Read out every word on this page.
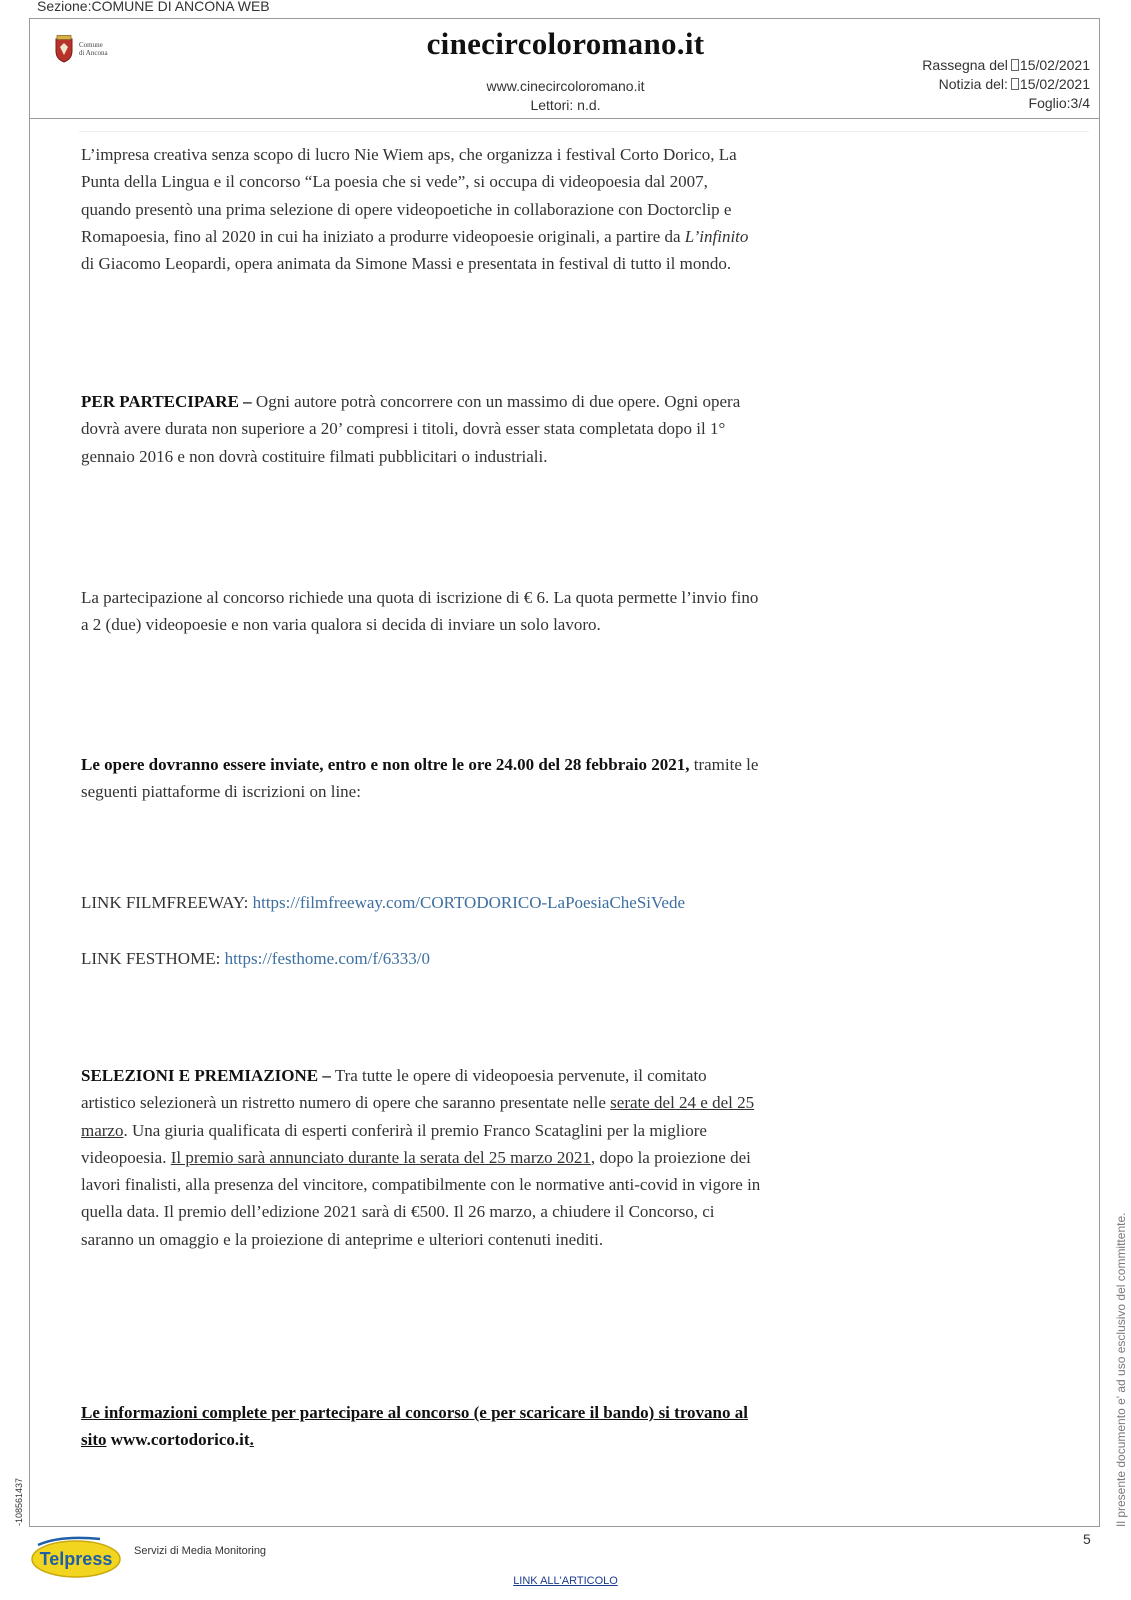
Sezione:COMUNE DI ANCONA WEB
Comune
di Ancona	cinecircoloromano.it
www.cinecircoloromano.it
Lettori: n.d.
Rassegna del 15/02/2021
Notizia del: 15/02/2021
Foglio:3/4

L’impresa creativa senza scopo di lucro Nie Wiem aps, che organizza i festival Corto Dorico, La Punta della Lingua e il concorso “La poesia che si vede”, si occupa di videopoesia dal 2007, quando presentò una prima selezione di opere videopoetiche in collaborazione con Doctorclip e Romapoesia, fino al 2020 in cui ha iniziato a produrre videopoesie originali, a partire da L’infinito di Giacomo Leopardi, opera animata da Simone Massi e presentata in festival di tutto il mondo.

PER PARTECIPARE – Ogni autore potrà concorrere con un massimo di due opere. Ogni opera dovrà avere durata non superiore a 20’ compresi i titoli, dovrà esser stata completata dopo il 1° gennaio 2016 e non dovrà costituire filmati pubblicitari o industriali.

La partecipazione al concorso richiede una quota di iscrizione di € 6. La quota permette l’invio fino a 2 (due) videopoesie e non varia qualora si decida di inviare un solo lavoro.

Le opere dovranno essere inviate, entro e non oltre le ore 24.00 del 28 febbraio 2021, tramite le seguenti piattaforme di iscrizioni on line:

LINK FILMFREEWAY: https://filmfreeway.com/CORTODORICO-LaPoesiaCheSiVede

LINK FESTHOME: https://festhome.com/f/6333/0

SELEZIONI E PREMIAZIONE – Tra tutte le opere di videopoesia pervenute, il comitato artistico selezionerà un ristretto numero di opere che saranno presentate nelle serate del 24 e del 25 marzo. Una giuria qualificata di esperti conferirà il premio Franco Scataglini per la migliore videopoesia. Il premio sarà annunciato durante la serata del 25 marzo 2021, dopo la proiezione dei lavori finalisti, alla presenza del vincitore, compatibilmente con le normative anti-covid in vigore in quella data. Il premio dell’edizione 2021 sarà di €500. Il 26 marzo, a chiudere il Concorso, ci saranno un omaggio e la proiezione di anteprime e ulteriori contenuti inediti.

Le informazioni complete per partecipare al concorso (e per scaricare il bando) si trovano al sito www.cortodorico.it.	Il presente documento e' ad uso esclusivo del committente.
-108561437
5
Telpress Servizi di Media Monitoring
LINK ALL'ARTICOLO
